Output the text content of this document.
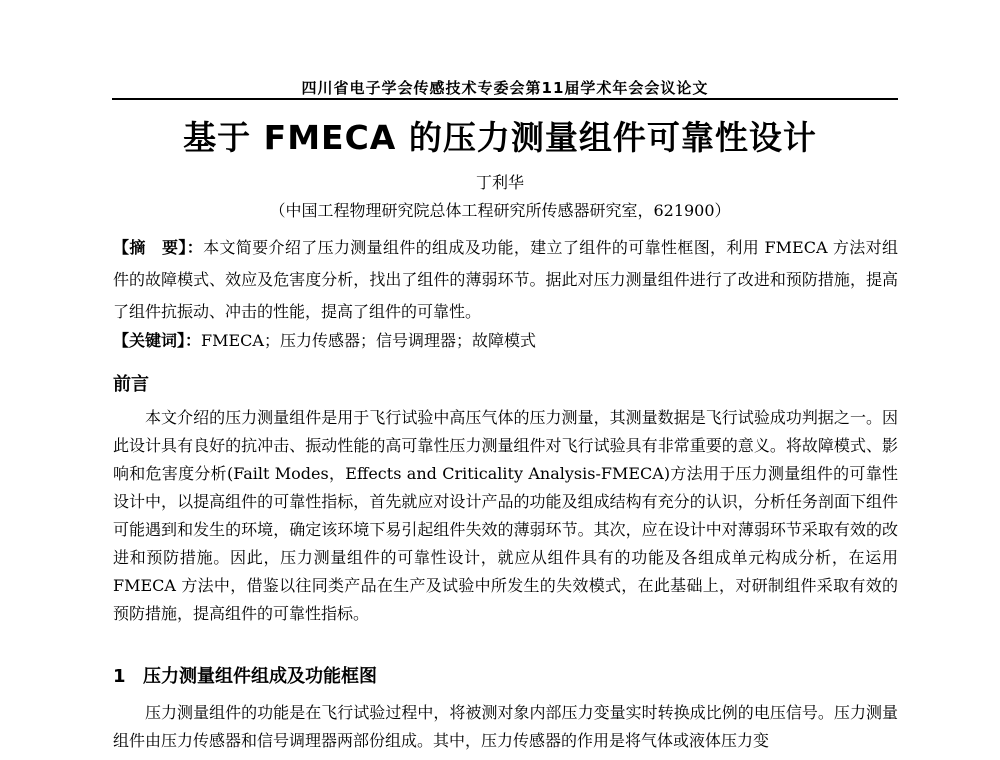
四川省电子学会传感技术专委会第11届学术年会会议论文
基于 FMECA 的压力测量组件可靠性设计
丁利华
（中国工程物理研究院总体工程研究所传感器研究室，621900）
【摘　要】：本文简要介绍了压力测量组件的组成及功能，建立了组件的可靠性框图，利用 FMECA 方法对组件的故障模式、效应及危害度分析，找出了组件的薄弱环节。据此对压力测量组件进行了改进和预防措施，提高了组件抗振动、冲击的性能，提高了组件的可靠性。
【关键词】：FMECA；压力传感器；信号调理器；故障模式
前言
本文介绍的压力测量组件是用于飞行试验中高压气体的压力测量，其测量数据是飞行试验成功判据之一。因此设计具有良好的抗冲击、振动性能的高可靠性压力测量组件对飞行试验具有非常重要的意义。将故障模式、影响和危害度分析(Failt Modes，Effects and Criticality Analysis-FMECA)方法用于压力测量组件的可靠性设计中，以提高组件的可靠性指标，首先就应对设计产品的功能及组成结构有充分的认识，分析任务剖面下组件可能遇到和发生的环境，确定该环境下易引起组件失效的薄弱环节。其次，应在设计中对薄弱环节采取有效的改进和预防措施。因此，压力测量组件的可靠性设计，就应从组件具有的功能及各组成单元构成分析，在运用 FMECA 方法中，借鉴以往同类产品在生产及试验中所发生的失效模式，在此基础上，对研制组件采取有效的预防措施，提高组件的可靠性指标。
1 压力测量组件组成及功能框图
压力测量组件的功能是在飞行试验过程中，将被测对象内部压力变量实时转换成比例的电压信号。压力测量组件由压力传感器和信号调理器两部份组成。其中，压力传感器的作用是将气体或液体压力变
